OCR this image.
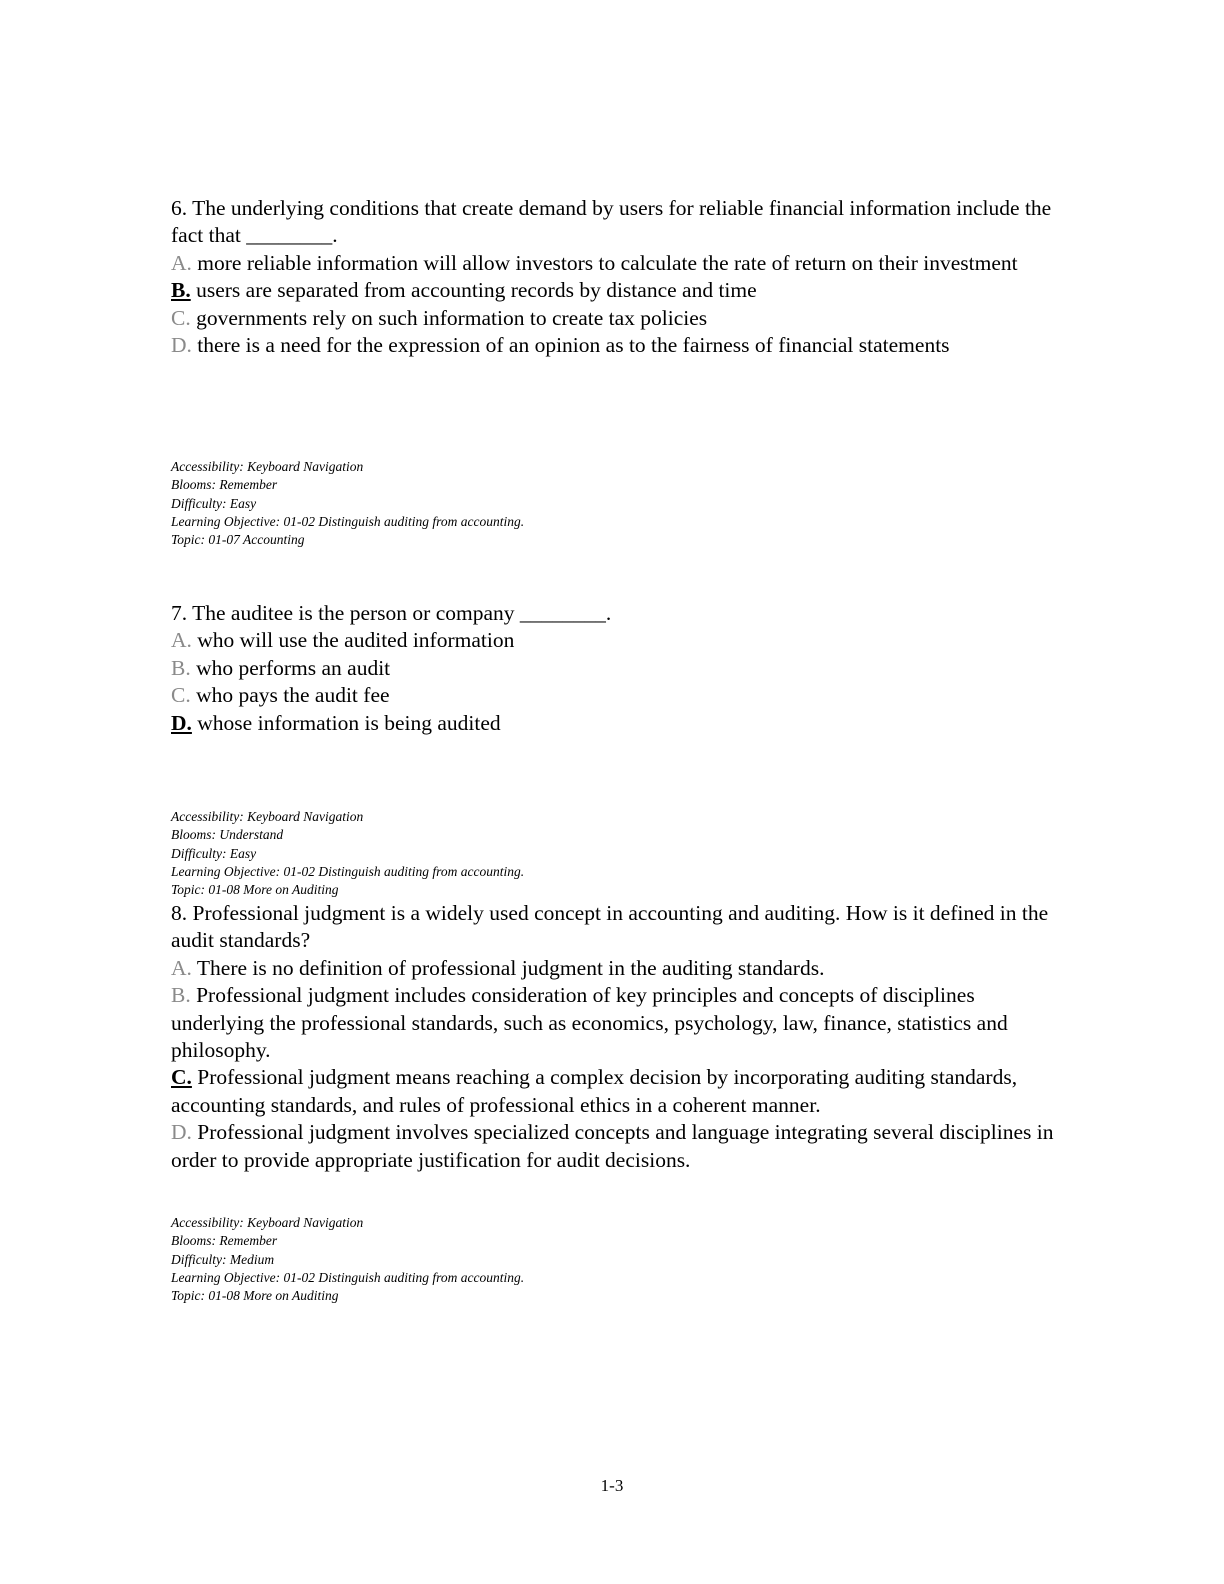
6. The underlying conditions that create demand by users for reliable financial information include the fact that ________.

A. more reliable information will allow investors to calculate the rate of return on their investment

B. users are separated from accounting records by distance and time

C. governments rely on such information to create tax policies

D. there is a need for the expression of an opinion as to the fairness of financial statements

Accessibility: Keyboard Navigation
Blooms: Remember
Difficulty: Easy
Learning Objective: 01-02 Distinguish auditing from accounting.
Topic: 01-07 Accounting

7. The auditee is the person or company ________.

A. who will use the audited information

B. who performs an audit

C. who pays the audit fee

D. whose information is being audited

Accessibility: Keyboard Navigation
Blooms: Understand
Difficulty: Easy
Learning Objective: 01-02 Distinguish auditing from accounting.
Topic: 01-08 More on Auditing

8. Professional judgment is a widely used concept in accounting and auditing. How is it defined in the audit standards?

A. There is no definition of professional judgment in the auditing standards.

B. Professional judgment includes consideration of key principles and concepts of disciplines underlying the professional standards, such as economics, psychology, law, finance, statistics and philosophy.

C. Professional judgment means reaching a complex decision by incorporating auditing standards, accounting standards, and rules of professional ethics in a coherent manner.

D. Professional judgment involves specialized concepts and language integrating several disciplines in order to provide appropriate justification for audit decisions.

Accessibility: Keyboard Navigation
Blooms: Remember
Difficulty: Medium
Learning Objective: 01-02 Distinguish auditing from accounting.
Topic: 01-08 More on Auditing
1-3
